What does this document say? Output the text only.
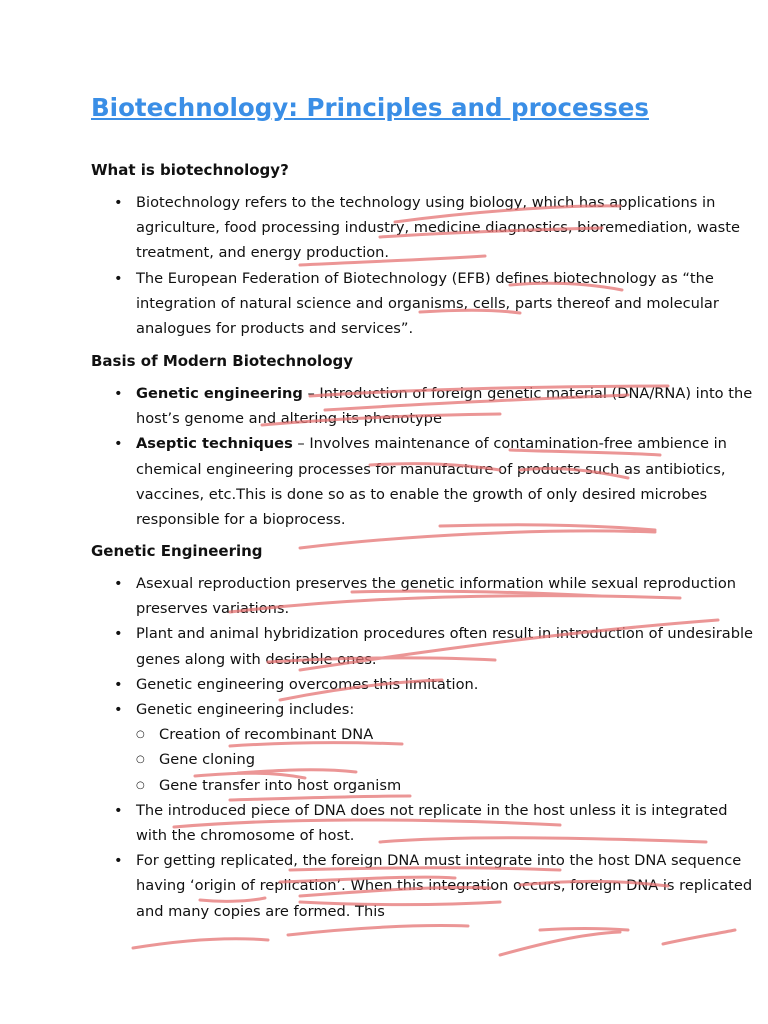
Biotechnology: Principles and processes
What is biotechnology?
• Biotechnology refers to the technology using biology, which has applications in agriculture, food processing industry, medicine diagnostics, bioremediation, waste treatment, and energy production.
• The European Federation of Biotechnology (EFB) defines biotechnology as “the integration of natural science and organisms, cells, parts thereof and molecular analogues for products and services”.
Basis of Modern Biotechnology
• Genetic engineering – Introduction of foreign genetic material (DNA/RNA) into the host’s genome and altering its phenotype
• Aseptic techniques – Involves maintenance of contamination-free ambience in chemical engineering processes for manufacture of products such as antibiotics, vaccines, etc.This is done so as to enable the growth of only desired microbes responsible for a bioprocess.
Genetic Engineering
• Asexual reproduction preserves the genetic information while sexual reproduction preserves variations.
• Plant and animal hybridization procedures often result in introduction of undesirable genes along with desirable ones.
• Genetic engineering overcomes this limitation.
• Genetic engineering includes:
○ Creation of recombinant DNA
○ Gene cloning
○ Gene transfer into host organism
• The introduced piece of DNA does not replicate in the host unless it is integrated with the chromosome of host.
• For getting replicated, the foreign DNA must integrate into the host DNA sequence having ‘origin of replication’. When this integration occurs, foreign DNA is replicated and many copies are formed. This
